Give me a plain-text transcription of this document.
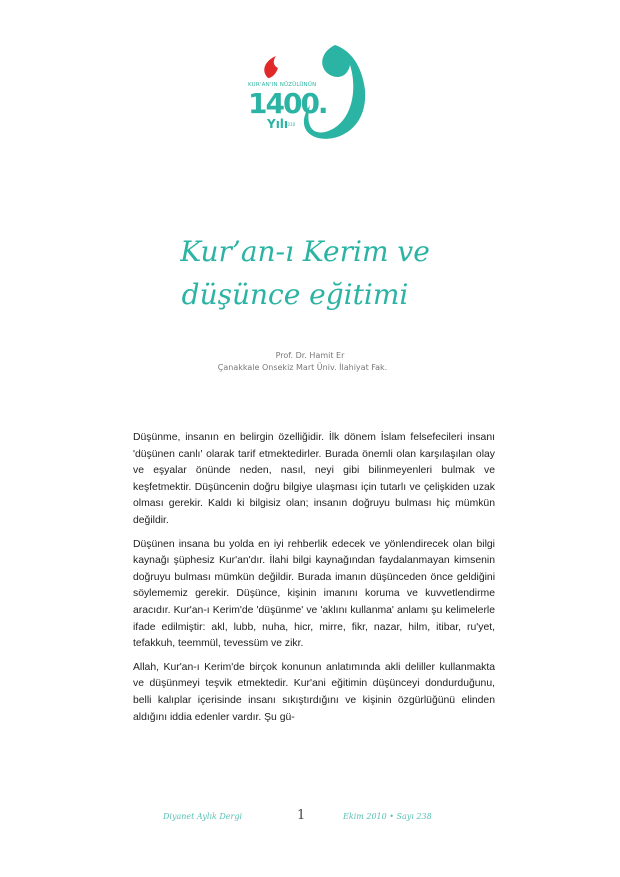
KUR'AN'IN NÜZÛLÜNÜN
1400.
Yılı
2010
Kur’an-ı Kerim ve
düşünce eğitimi
Prof. Dr. Hamit Er
Çanakkale Onsekiz Mart Üniv. İlahiyat Fak.

Düşünme, insanın en belirgin özelliğidir. İlk dönem İslam felsefecileri insanı 'düşünen canlı' olarak tarif etmektedirler. Burada önemli olan karşılaşılan olay ve eşyalar önünde neden, nasıl, neyi gibi bilinmeyenleri bulmak ve keşfetmektir. Düşüncenin doğru bilgiye ulaşması için tutarlı ve çelişkiden uzak olması gerekir. Kaldı ki bilgisiz olan; insanın doğruyu bulması hiç mümkün değildir.

Düşünen insana bu yolda en iyi rehberlik edecek ve yönlendirecek olan bilgi kaynağı şüphesiz Kur'an'dır. İlahi bilgi kaynağından faydalanmayan kimsenin doğruyu bulması mümkün değildir. Burada imanın düşünceden önce geldiğini söylememiz gerekir. Düşünce, kişinin imanını koruma ve kuvvetlendirme aracıdır. Kur'an-ı Kerim'de 'düşünme' ve 'aklını kullanma' anlamı şu kelimelerle ifade edilmiştir: akl, lubb, nuha, hicr, mirre, fikr, nazar, hilm, itibar, ru'yet, tefakkuh, teemmül, tevessüm ve zikr.

Allah, Kur'an-ı Kerim'de birçok konunun anlatımında akli deliller kullanmakta ve düşünmeyi teşvik etmektedir. Kur'ani eğitimin düşünceyi dondurduğunu, belli kalıplar içerisinde insanı sıkıştırdığını ve kişinin özgürlüğünü elinden aldığını iddia edenler vardır. Şu gü-

Diyanet Aylık Dergi	1	Ekim 2010 • Sayı 238
